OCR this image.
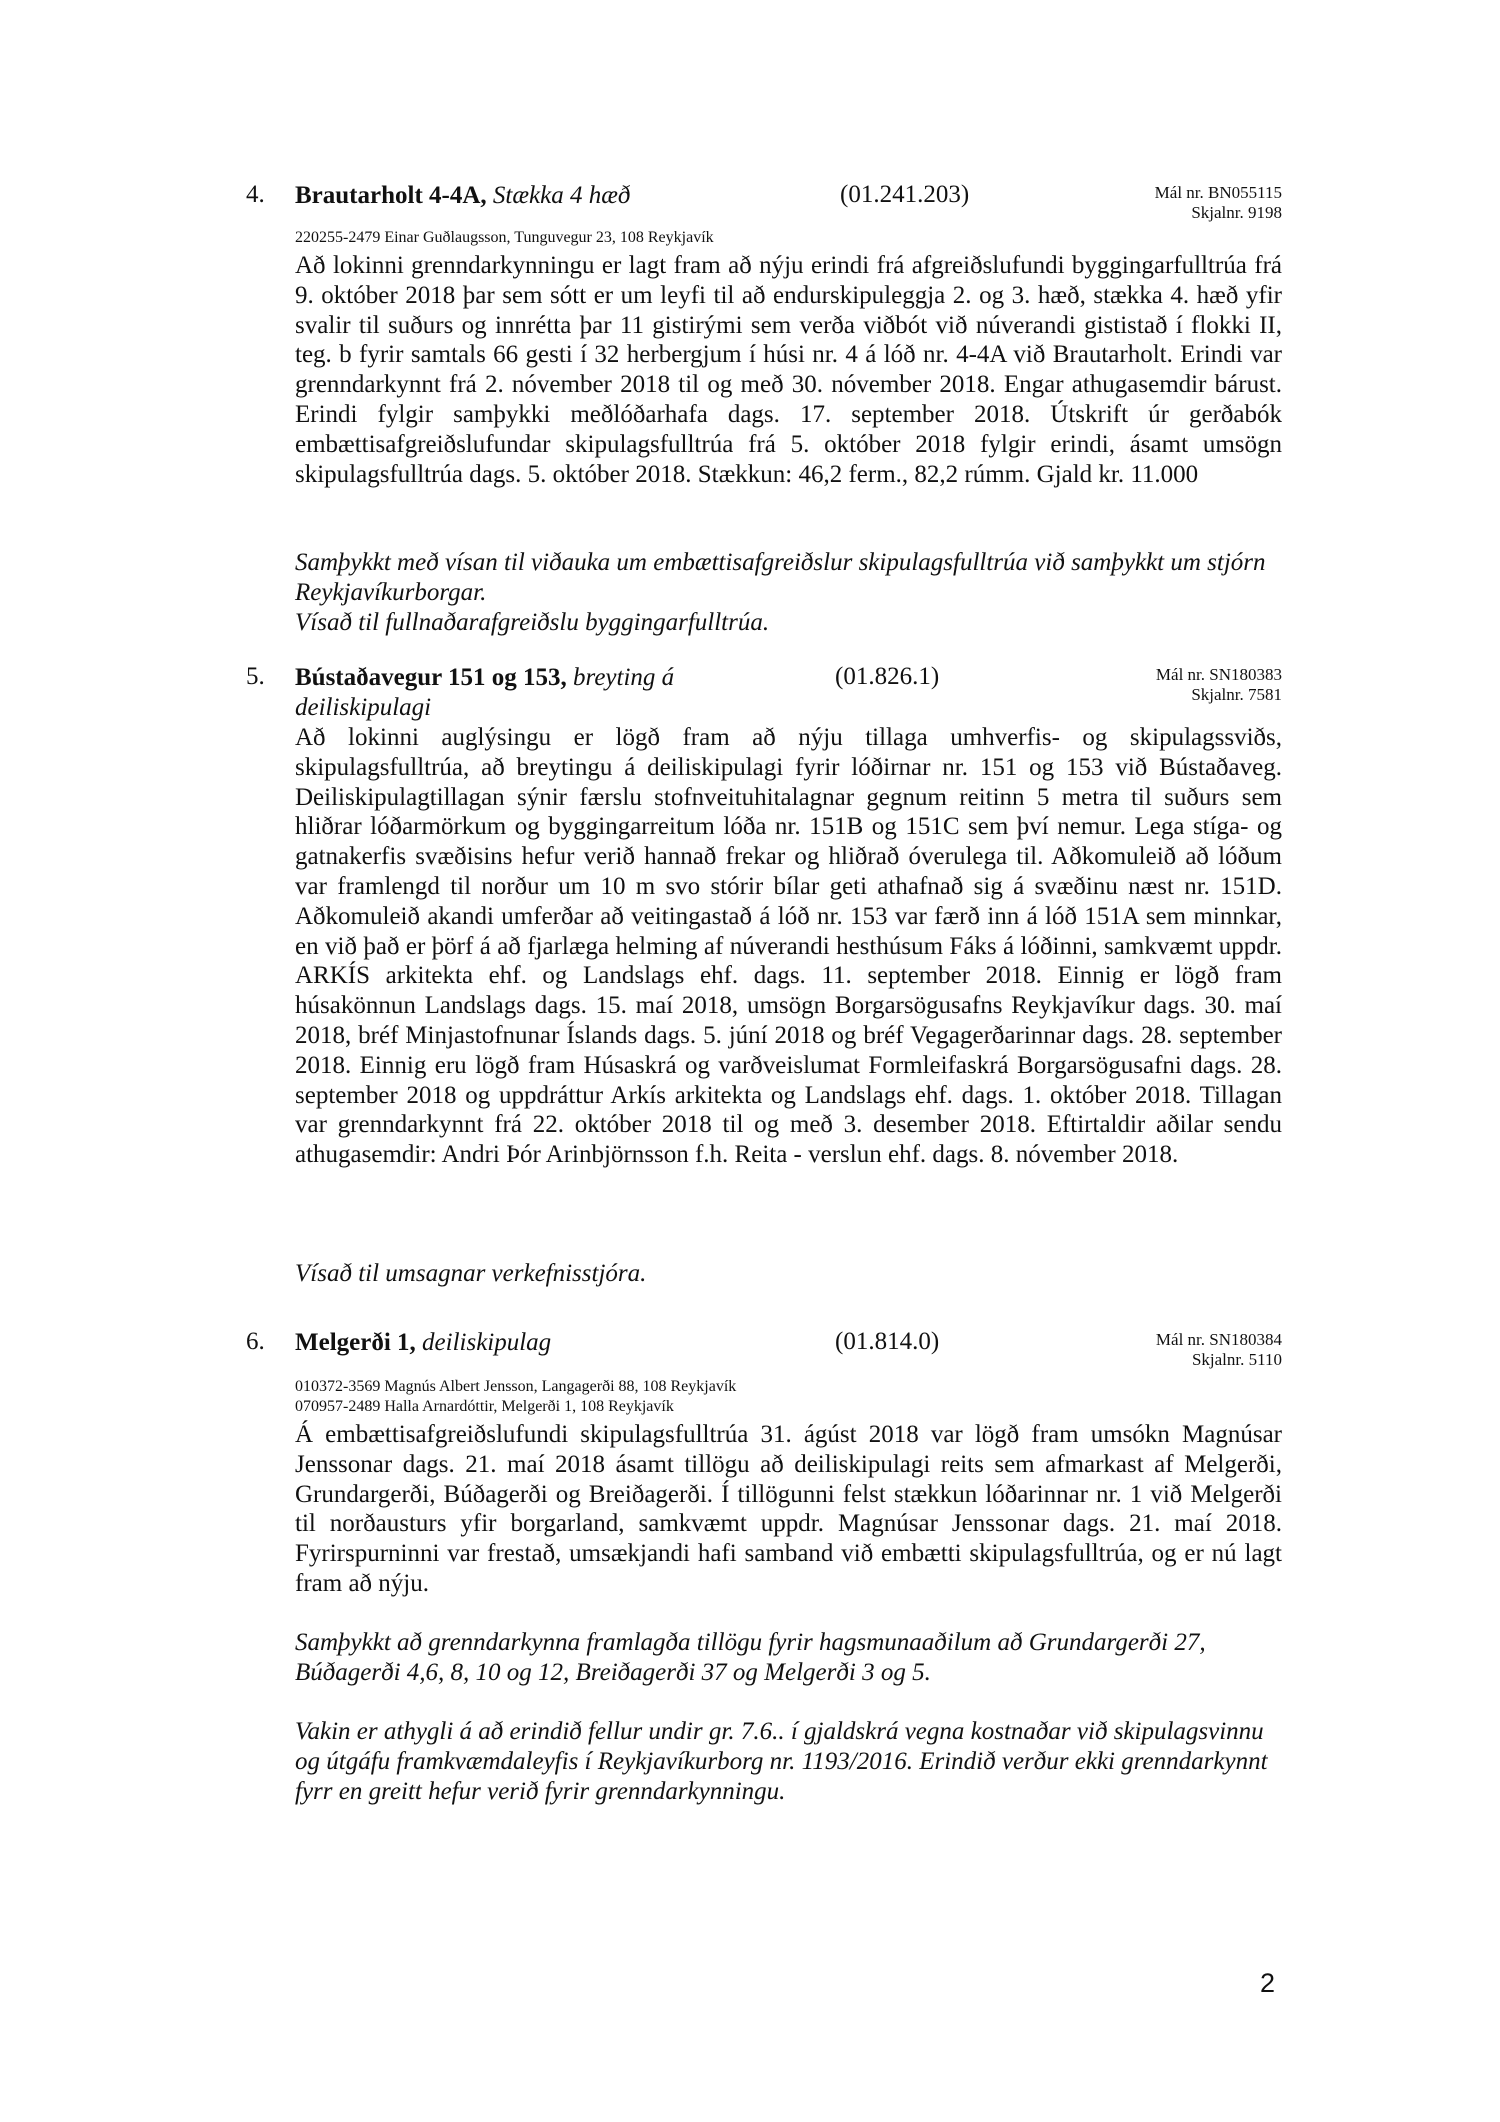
4. Brautarholt 4-4A, Stækka 4 hæð	(01.241.203)	Mál nr. BN055115
Skjalnr. 9198
220255-2479 Einar Guðlaugsson, Tunguvegur 23, 108 Reykjavík
Að lokinni grenndarkynningu er lagt fram að nýju erindi frá afgreiðslufundi byggingarfulltrúa frá 9. október 2018 þar sem sótt er um leyfi til að endurskipuleggja 2. og 3. hæð, stækka 4. hæð yfir svalir til suðurs og innrétta þar 11 gistirými sem verða viðbót við núverandi gististað í flokki II, teg. b fyrir samtals 66 gesti í 32 herbergjum í húsi nr. 4 á lóð nr. 4-4A við Brautarholt. Erindi var grenndarkynnt frá 2. nóvember 2018 til og með 30. nóvember 2018. Engar athugasemdir bárust. Erindi fylgir samþykki meðlóðarhafa dags. 17. september 2018. Útskrift úr gerðabók embættisafgreiðslufundar skipulagsfulltrúa frá 5. október 2018 fylgir erindi, ásamt umsögn skipulagsfulltrúa dags. 5. október 2018. Stækkun: 46,2 ferm., 82,2 rúmm. Gjald kr. 11.000
Samþykkt með vísan til viðauka um embættisafgreiðslur skipulagsfulltrúa við samþykkt um stjórn Reykjavíkurborgar.
Vísað til fullnaðarafgreiðslu byggingarfulltrúa.
5. Bústaðavegur 151 og 153, breyting á deiliskipulagi
(01.826.1)	Mál nr. SN180383
Skjalnr. 7581
Að lokinni auglýsingu er lögð fram að nýju tillaga umhverfis- og skipulagssviðs, skipulagsfulltrúa, að breytingu á deiliskipulagi fyrir lóðirnar nr. 151 og 153 við Bústaðaveg. Deiliskipulagtillagan sýnir færslu stofnveituhitalagnar gegnum reitinn 5 metra til suðurs sem hliðrar lóðarmörkum og byggingarreitum lóða nr. 151B og 151C sem því nemur. Lega stíga- og gatnakerfis svæðisins hefur verið hannað frekar og hliðrað óverulega til. Aðkomuleið að lóðum var framlengd til norður um 10 m svo stórir bílar geti athafnað sig á svæðinu næst nr. 151D. Aðkomuleið akandi umferðar að veitingastað á lóð nr. 153 var færð inn á lóð 151A sem minnkar, en við það er þörf á að fjarlæga helming af núverandi hesthúsum Fáks á lóðinni, samkvæmt uppdr. ARKÍS arkitekta ehf. og Landslags ehf. dags. 11. september 2018. Einnig er lögð fram húsakönnun Landslags dags. 15. maí 2018, umsögn Borgarsögusafns Reykjavíkur dags. 30. maí 2018, bréf Minjastofnunar Íslands dags. 5. júní 2018 og bréf Vegagerðarinnar dags. 28. september 2018. Einnig eru lögð fram Húsaskrá og varðveislumat Formleifaskrá Borgarsögusafni dags. 28. september 2018 og uppdráttur Arkís arkitekta og Landslags ehf. dags. 1. október 2018. Tillagan var grenndarkynnt frá 22. október 2018 til og með 3. desember 2018. Eftirtaldir aðilar sendu athugasemdir: Andri Þór Arinbjörnsson f.h. Reita - verslun ehf. dags. 8. nóvember 2018.
Vísað til umsagnar verkefnisstjóra.
6. Melgerði 1, deiliskipulag	(01.814.0)	Mál nr. SN180384
Skjalnr. 5110
010372-3569 Magnús Albert Jensson, Langagerði 88, 108 Reykjavík
070957-2489 Halla Arnardóttir, Melgerði 1, 108 Reykjavík
Á embættisafgreiðslufundi skipulagsfulltrúa 31. ágúst 2018 var lögð fram umsókn Magnúsar Jenssonar dags. 21. maí 2018 ásamt tillögu að deiliskipulagi reits sem afmarkast af Melgerði, Grundargerði, Búðagerði og Breiðagerði. Í tillögunni felst stækkun lóðarinnar nr. 1 við Melgerði til norðausturs yfir borgarland, samkvæmt uppdr. Magnúsar Jenssonar dags. 21. maí 2018. Fyrirspurninni var frestað, umsækjandi hafi samband við embætti skipulagsfulltrúa, og er nú lagt fram að nýju.
Samþykkt að grenndarkynna framlagða tillögu fyrir hagsmunaaðilum að Grundargerði 27, Búðagerði 4,6, 8, 10 og 12, Breiðagerði 37 og Melgerði 3 og 5.
Vakin er athygli á að erindið fellur undir gr. 7.6.. í gjaldskrá vegna kostnaðar við skipulagsvinnu og útgáfu framkvæmdaleyfis í Reykjavíkurborg nr. 1193/2016. Erindið verður ekki grenndarkynnt fyrr en greitt hefur verið fyrir grenndarkynningu.
2
